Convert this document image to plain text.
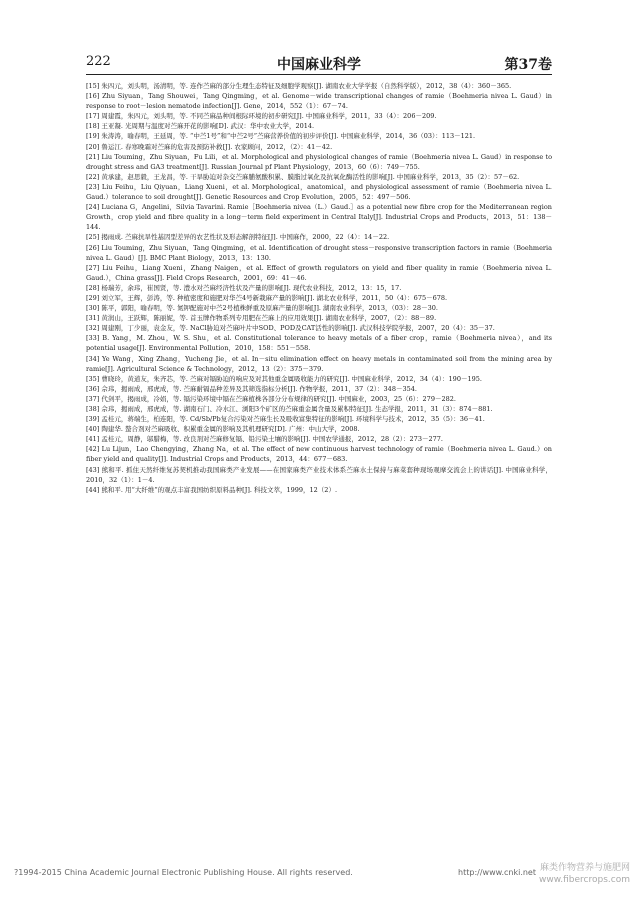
222	中国麻业科学	第37卷

[15] 朱四元，刘头明，汤清明，等. 连作苎麻的部分生理生态特征及细胞学观察[J]. 湖南农业大学学报（自然科学版），2012，38（4）：360－365.

[16] Zhu Siyuan，Tang Shouwei，Tang Qingming，et al. Genome－wide transcriptional changes of ramie（Boehmeria nivea L. Gaud）in response to root－lesion nematode infection[J]. Gene，2014，552（1）：67－74.

[17] 周建霞，朱四元，刘头明，等. 不同苎麻品种间根际环境的初步研究[J]. 中国麻业科学，2011，33（4）：206－209.

[18] 王亚凝. 光周期与温度对苎麻开花的影响[D]. 武汉：华中农业大学，2014.

[19] 朱涛涛，喻春明，王延周，等. “中苎1号”和“中苎2号”苎麻营养价值的初步评价[J]. 中国麻业科学，2014，36（03）：113－121.

[20] 鲁运江. 春寒晚霜对苎麻的危害及预防补救[J]. 农家顾问，2012，（2）：41－42.

[21] Liu Touming，Zhu Siyuan，Fu Lili，et al. Morphological and physiological changes of ramie（Boehmeria nivea L. Gaud）in response to drought stress and GA3 treatment[J]. Russian Journal pf Plant Physiology，2013，60（6）：749－755.

[22] 黄承建，赵思毅，王龙昌，等. 干旱胁迫对杂交苎麻脯氨酸积累、膜脂过氧化及抗氧化酶活性的影响[J]. 中国麻业科学，2013，35（2）：57－62.

[23] Liu Feihu，Liu Qiyuan，Liang Xueni，et al. Morphological，anatomical，and physiological assessment of ramie（Boehmeria nivea L. Gaud.）tolerance to soil drought[J]. Genetic Resources and Crop Evolution，2005，52：497－506.

[24] Luciana G，Angelini，Silvia Tavarini. Ramie［Boehmeria nivea（L.）Gaud.］as a potential new fibre crop for the Mediterranean region Growth，crop yield and fibre quality in a long－term field experiment in Central Italy[J]. Industrial Crops and Products，2013，51：138－144.

[25] 揭雨成. 苎麻抗旱性基因型差异的农艺性状及形态解剖特征[J]. 中国麻作，2000，22（4）：14－22.

[26] Liu Touming，Zhu Siyuan，Tang Qingming，et al. Identification of drought stess－responsive transcription factors in ramie（Boehmeria nivea L. Gaud）[J]. BMC Plant Biology，2013，13：130.

[27] Liu Feihu，Liang Xueni，Zhang Naigen，et al. Effect of growth regulators on yield and fiber quality in ramie（Boehmeria nivea L. Gaud.），China grass[J]. Field Crops Research，2001，69：41－46.

[28] 杨瑞芳，余玮，崔国贤，等. 澧水对苎麻经济性状及产量的影响[J]. 现代农业科技，2012，13：15，17.

[29] 刘立军，王辉，彭涛，等. 种植密度和施肥对华苎4号新栽麻产量的影响[J]. 湖北农业科学，2011，50（4）：675－678.

[30] 陈平，郭阳，喻春明，等. 氮钾配施对中苎2号植株鲜重及原麻产量的影响[J]. 湖南农业科学，2013，（03）：28－30.

[31] 黄润山，王跃辉，陈丽妮，等. 首玉牌作物系列专用肥在苎麻上的应用效果[J]. 湖南农业科学，2007，（2）：88－89.

[32] 周建刚，丁少丽，袁金友，等. NaCl胁迫对苎麻叶片中SOD、POD及CAT活性的影响[J]. 武汉科技学院学报，2007，20（4）：35－37.

[33] B. Yang，M. Zhou，W. S. Shu，et al. Constitutional tolerance to heavy metals of a fiber crop，ramie（Boehmeria nivea），and its potential usage[J]. Environmental Pollution，2010，158：551－558.

[34] Ye Wang，Xing Zhang，Yucheng Jie，et al. In－situ elimination effect on heavy metals in contaminated soil from the mining area by ramie[J]. Agricultural Science & Technology，2012，13（2）：375－379.

[35] 曹晓玲，黄道友，朱齐芯，等. 苎麻对镉胁迫的响应及对其他重金属吸收能力的研究[J]. 中国麻业科学，2012，34（4）：190－195.

[36] 佘玮，揭雨成，邢虎成，等. 苎麻耐镉品种差异及其筛选指标分析[J]. 作物学报，2011，37（2）：348－354.

[37] 代剑平，揭雨成，冷娟，等. 镉污染环境中镉在苎麻植株各部分分布规律的研究[J]. 中国麻业，2003，25（6）：279－282.

[38] 佘玮，揭雨成，邢虎成，等. 湖南石门、冷水江、浏阳3个矿区的苎麻重金属含量及累积特征[J]. 生态学报，2011，31（3）：874－881.

[39] 孟桂元，蒋端生，柏连阳，等. Cd/Sb/Pb复合污染对苎麻生长及吸收富集特征的影响[J]. 环境科学与技术，2012，35（5）：36－41.

[40] 陶建华. 螯合剂对苎麻吸收、积累重金属的影响及其机理研究[D]. 广州：中山大学，2008.

[41] 孟桂元，周静，邬腊梅，等. 改良剂对苎麻修复镉、铅污染土壤的影响[J]. 中国农学通报，2012，28（2）：273－277.

[42] Lu Lijun，Lao Chengying，Zhang Na，et al. The effect of new continuous harvest technology of ramie（Boehmeria nivea L. Gaud.）on fiber yield and quality[J]. Industrial Crops and Products，2013，44：677－683.

[43] 熊和平. 抓住天然纤维复苏契机推动我国麻类产业发展——在国家麻类产业技术体系苎麻水土保持与麻菜套种现场观摩交流会上的讲话[J]. 中国麻业科学，2010，32（1）：1－4.

[44] 熊和平. 用“大纤维”的观点丰富我国纺织原料品种[J]. 科技文萃，1999，12（2）.

?1994-2015 China Academic Journal Electronic Publishing House. All rights reserved.	http://www.cnki.net 麻类作物营养与施肥网
www.fibercrops.com
